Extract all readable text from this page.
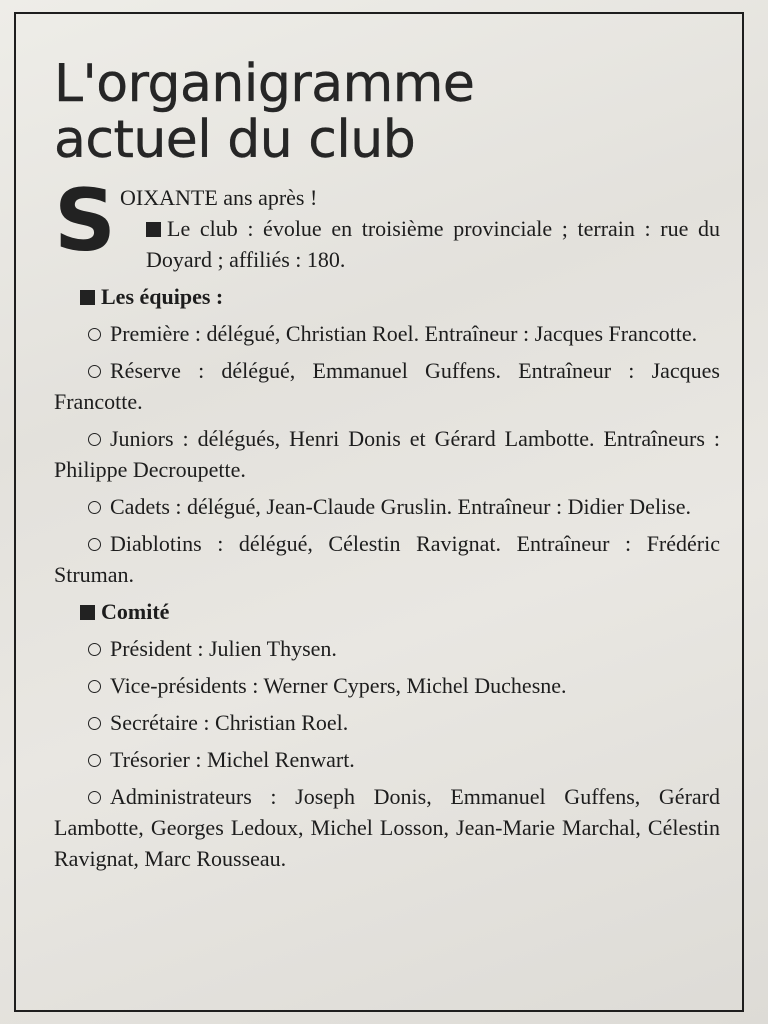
L'organigramme
actuel du club
S OIXANTE ans après !
Le club : évolue en troisième provinciale ; terrain : rue du Doyard ; affiliés : 180.
Les équipes :
Première : délégué, Christian Roel. Entraîneur : Jacques Francotte.
Réserve : délégué, Emmanuel Guffens. Entraîneur : Jacques Francotte.
Juniors : délégués, Henri Donis et Gérard Lambotte. Entraîneurs : Philippe Decroupette.
Cadets : délégué, Jean-Claude Gruslin. Entraîneur : Didier Delise.
Diablotins : délégué, Célestin Ravignat. Entraîneur : Frédéric Struman.
Comité
Président : Julien Thysen.
Vice-présidents : Werner Cypers, Michel Duchesne.
Secrétaire : Christian Roel.
Trésorier : Michel Renwart.
Administrateurs : Joseph Donis, Emmanuel Guffens, Gérard Lambotte, Georges Ledoux, Michel Losson, Jean-Marie Marchal, Célestin Ravignat, Marc Rousseau.
